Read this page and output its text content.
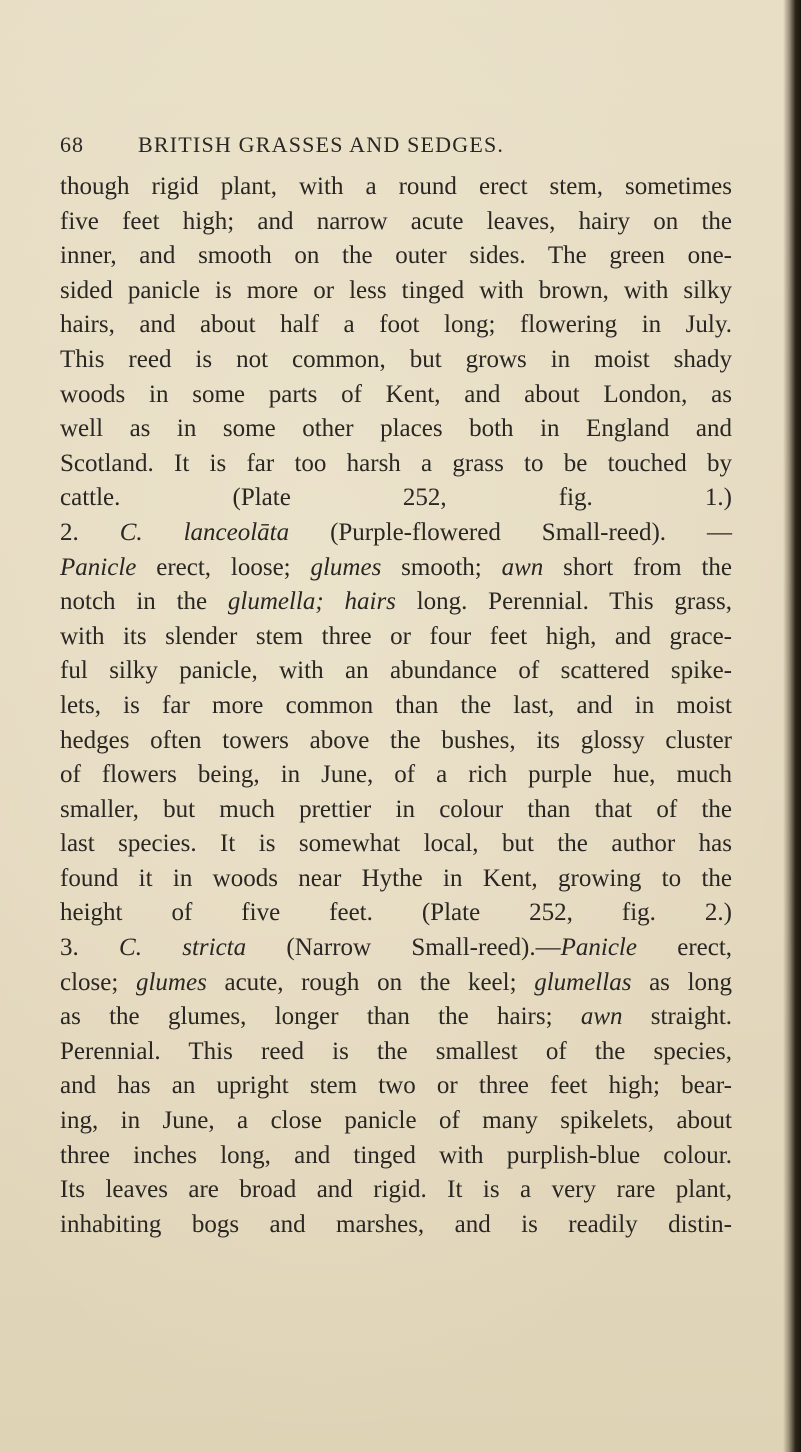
68 BRITISH GRASSES AND SEDGES.
though rigid plant, with a round erect stem, sometimes
five feet high; and narrow acute leaves, hairy on the
inner, and smooth on the outer sides. The green one-
sided panicle is more or less tinged with brown, with silky
hairs, and about half a foot long; flowering in July.
This reed is not common, but grows in moist shady
woods in some parts of Kent, and about London, as
well as in some other places both in England and
Scotland. It is far too harsh a grass to be touched by
cattle. (Plate 252, fig. 1.)
2. C. lanceolāta (Purple-flowered Small-reed). —
Panicle erect, loose; glumes smooth; awn short from the
notch in the glumella; hairs long. Perennial. This grass,
with its slender stem three or four feet high, and grace-
ful silky panicle, with an abundance of scattered spike-
lets, is far more common than the last, and in moist
hedges often towers above the bushes, its glossy cluster
of flowers being, in June, of a rich purple hue, much
smaller, but much prettier in colour than that of the
last species. It is somewhat local, but the author has
found it in woods near Hythe in Kent, growing to the
height of five feet. (Plate 252, fig. 2.)
3. C. stricta (Narrow Small-reed).—Panicle erect,
close; glumes acute, rough on the keel; glumellas as long
as the glumes, longer than the hairs; awn straight.
Perennial. This reed is the smallest of the species,
and has an upright stem two or three feet high; bear-
ing, in June, a close panicle of many spikelets, about
three inches long, and tinged with purplish-blue colour.
Its leaves are broad and rigid. It is a very rare plant,
inhabiting bogs and marshes, and is readily distin-
